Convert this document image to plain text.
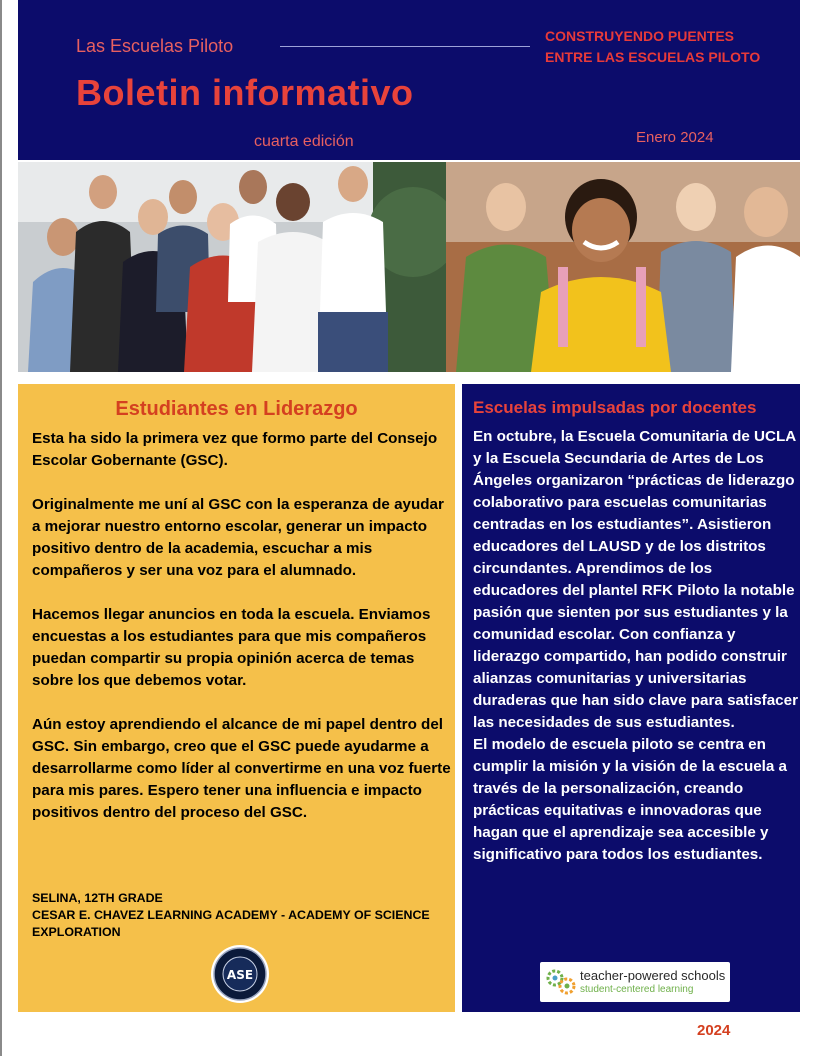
Las Escuelas Piloto	CONSTRUYENDO PUENTES
ENTRE LAS ESCUELAS PILOTO
Boletin informativo
cuarta edición	Enero 2024
Estudiantes en Liderazgo

Esta ha sido la primera vez que formo parte del Consejo Escolar Gobernante (GSC).

Originalmente me uní al GSC con la esperanza de ayudar a mejorar nuestro entorno escolar, generar un impacto positivo dentro de la academia, escuchar a mis compañeros y ser una voz para el alumnado.

Hacemos llegar anuncios en toda la escuela. Enviamos encuestas a los estudiantes para que mis compañeros puedan compartir su propia opinión acerca de temas sobre los que debemos votar.

Aún estoy aprendiendo el alcance de mi papel dentro del GSC. Sin embargo, creo que el GSC puede ayudarme a desarrollarme como líder al convertirme en una voz fuerte para mis pares. Espero tener una influencia e impacto positivos dentro del proceso del GSC.

SELINA, 12TH GRADE
CESAR E. CHAVEZ LEARNING ACADEMY - ACADEMY OF SCIENCE EXPLORATION
ASE
Escuelas impulsadas por docentes
En octubre, la Escuela Comunitaria de UCLA y la Escuela Secundaria de Artes de Los Ángeles organizaron “prácticas de liderazgo colaborativo para escuelas comunitarias centradas en los estudiantes”. Asistieron educadores del LAUSD y de los distritos circundantes. Aprendimos de los educadores del plantel RFK Piloto la notable pasión que sienten por sus estudiantes y la comunidad escolar. Con confianza y liderazgo compartido, han podido construir alianzas comunitarias y universitarias duraderas que han sido clave para satisfacer las necesidades de sus estudiantes.
El modelo de escuela piloto se centra en cumplir la misión y la visión de la escuela a través de la personalización, creando prácticas equitativas e innovadoras que hagan que el aprendizaje sea accesible y significativo para todos los estudiantes.
teacher-powered schools
student-centered learning
2024
